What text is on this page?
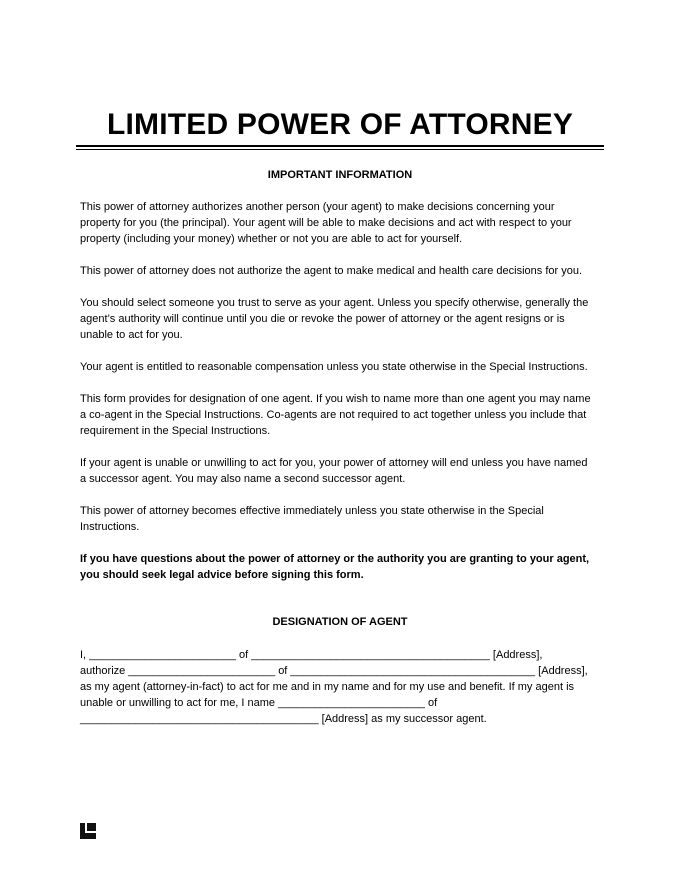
LIMITED POWER OF ATTORNEY
IMPORTANT INFORMATION
This power of attorney authorizes another person (your agent) to make decisions concerning your
property for you (the principal). Your agent will be able to make decisions and act with respect to your
property (including your money) whether or not you are able to act for yourself.
This power of attorney does not authorize the agent to make medical and health care decisions for you.
You should select someone you trust to serve as your agent. Unless you specify otherwise, generally the
agent’s authority will continue until you die or revoke the power of attorney or the agent resigns or is
unable to act for you.
Your agent is entitled to reasonable compensation unless you state otherwise in the Special Instructions.
This form provides for designation of one agent. If you wish to name more than one agent you may name
a co-agent in the Special Instructions. Co-agents are not required to act together unless you include that
requirement in the Special Instructions.
If your agent is unable or unwilling to act for you, your power of attorney will end unless you have named
a successor agent. You may also name a second successor agent.
This power of attorney becomes effective immediately unless you state otherwise in the Special
Instructions.
If you have questions about the power of attorney or the authority you are granting to your agent,
you should seek legal advice before signing this form.
DESIGNATION OF AGENT
I, ________________________ of _______________________________________ [Address],
authorize ________________________ of ________________________________________ [Address],
as my agent (attorney-in-fact) to act for me and in my name and for my use and benefit. If my agent is
unable or unwilling to act for me, I name ________________________ of
_______________________________________ [Address] as my successor agent.
